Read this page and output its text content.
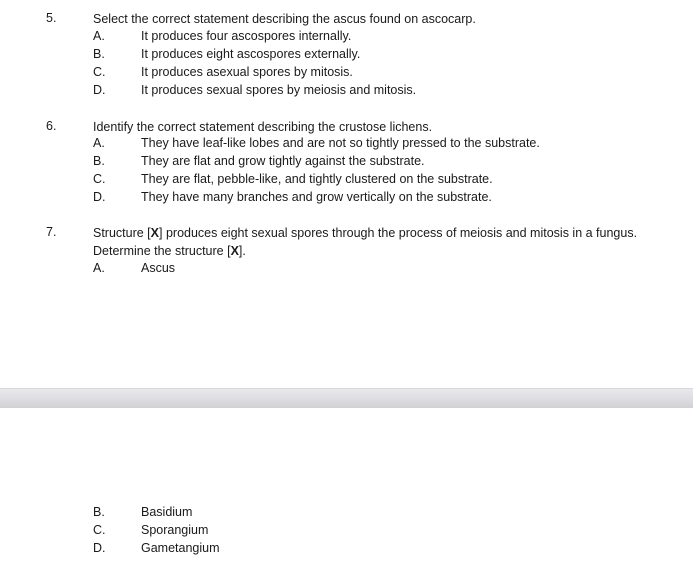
5.	Select the correct statement describing the ascus found on ascocarp.
A.	It produces four ascospores internally.
B.	It produces eight ascospores externally.
C.	It produces asexual spores by mitosis.
D.	It produces sexual spores by meiosis and mitosis.
6.	Identify the correct statement describing the crustose lichens.
A.	They have leaf-like lobes and are not so tightly pressed to the substrate.
B.	They are flat and grow tightly against the substrate.
C.	They are flat, pebble-like, and tightly clustered on the substrate.
D.	They have many branches and grow vertically on the substrate.
7.	Structure [X] produces eight sexual spores through the process of meiosis and mitosis in a fungus. Determine the structure [X].
A.	Ascus
B.	Basidium
C.	Sporangium
D.	Gametangium
